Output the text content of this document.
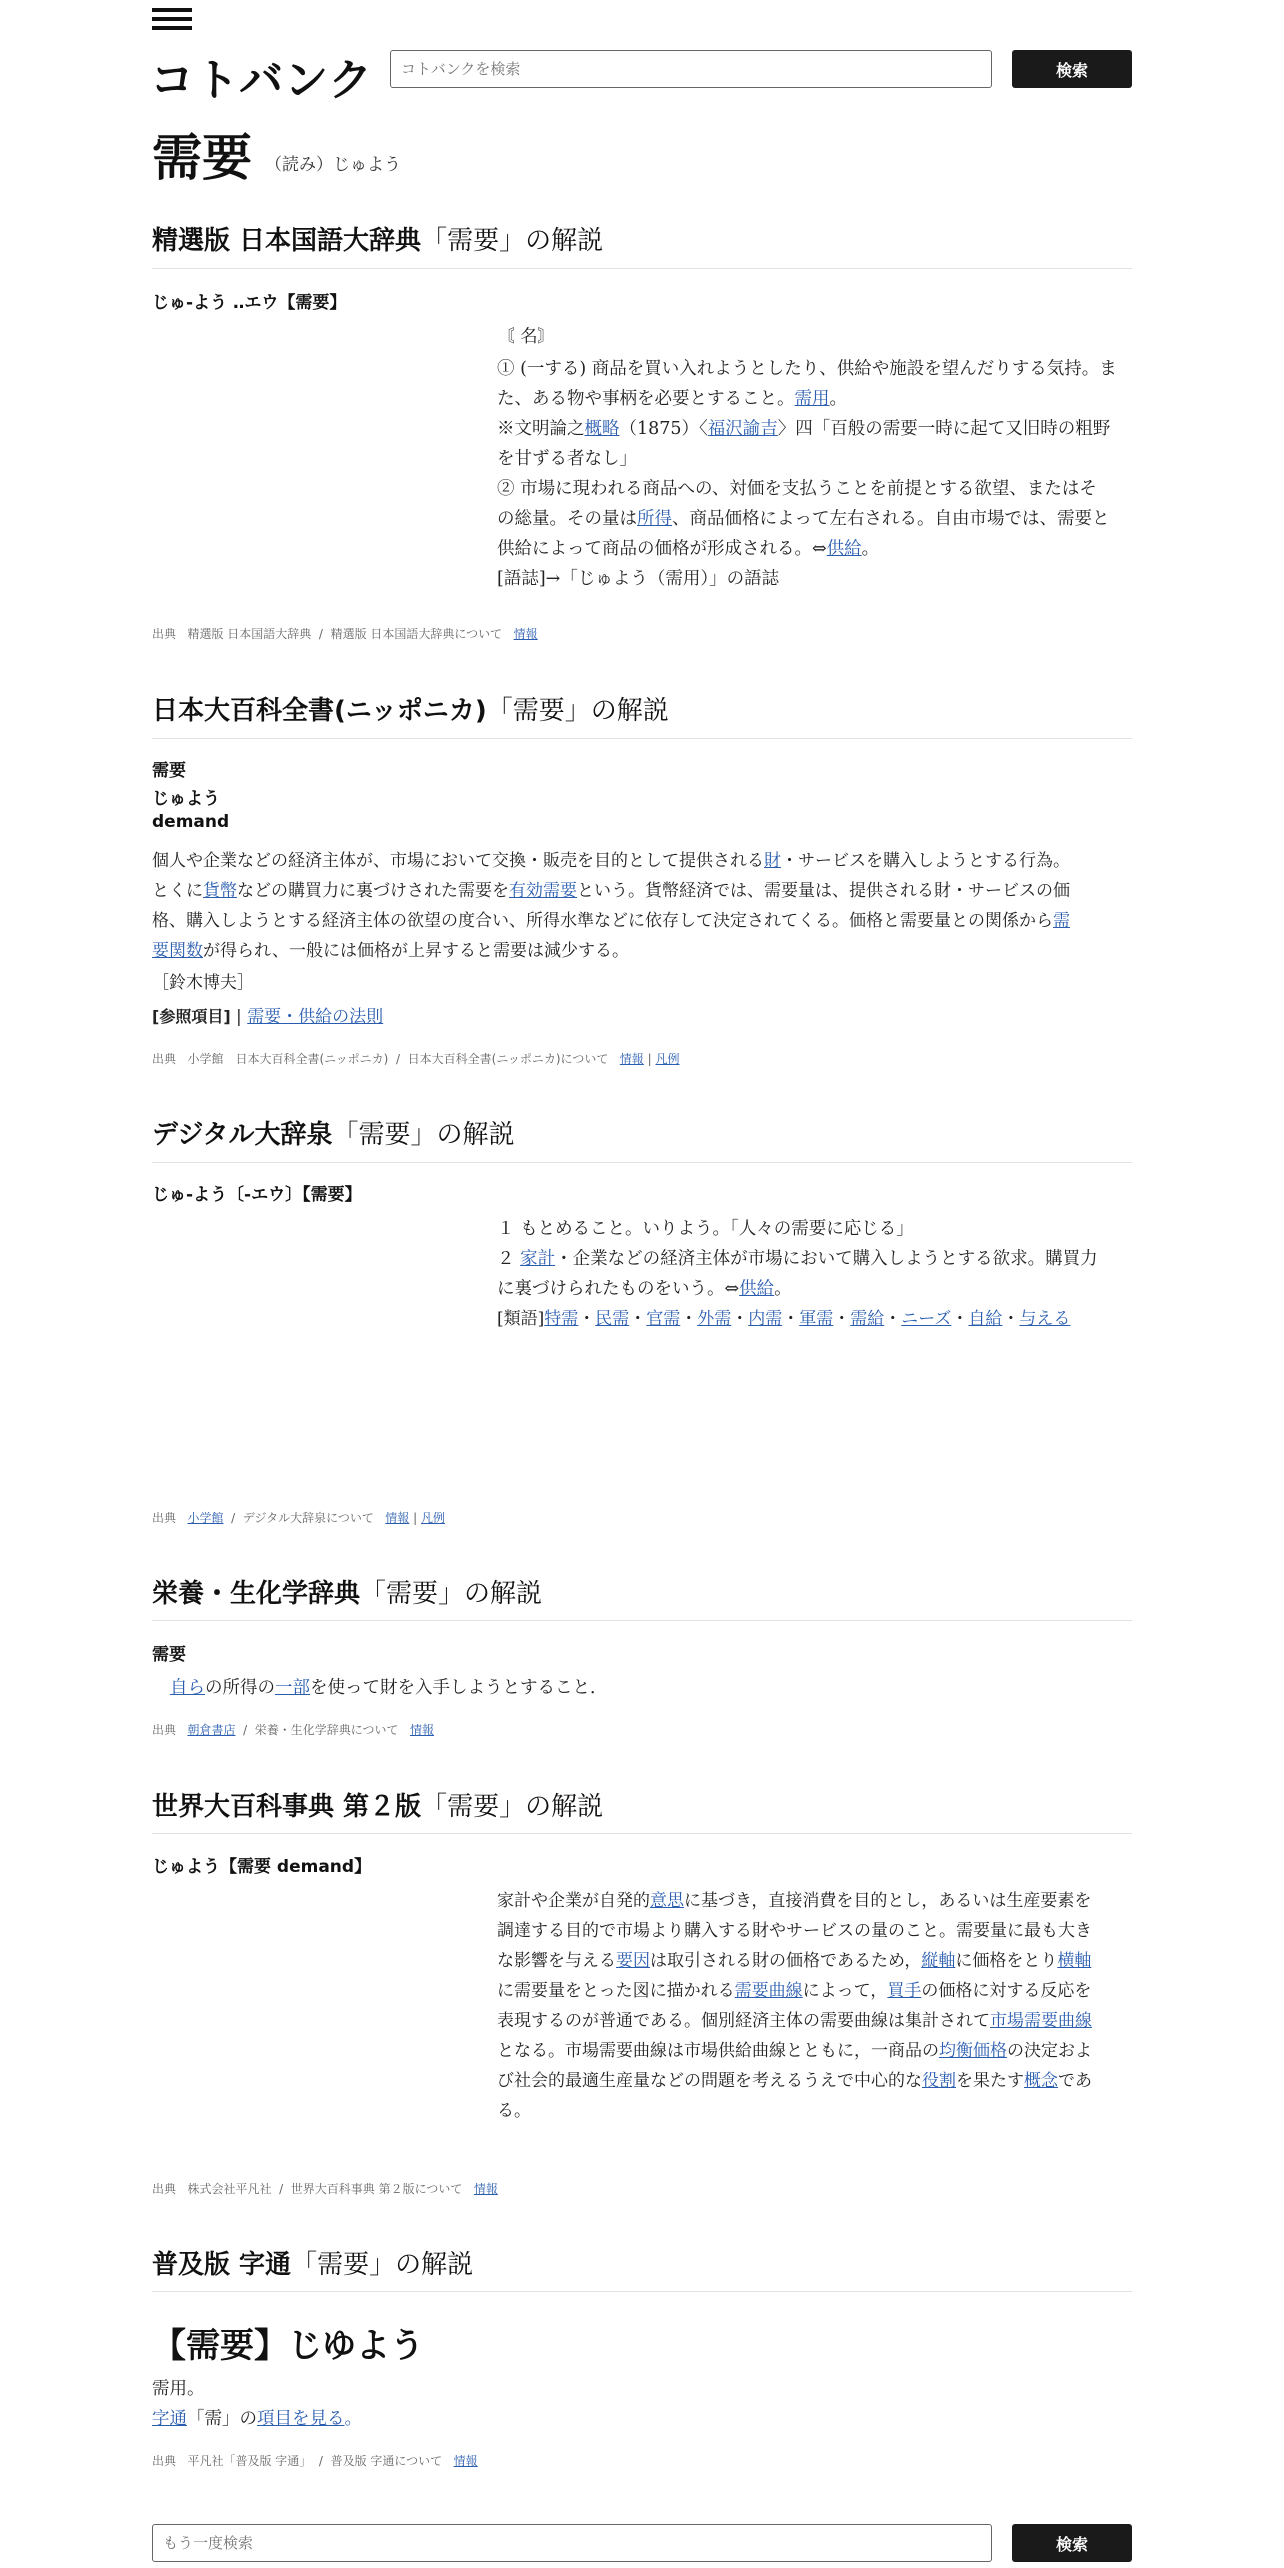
コトバンク
コトバンクを検索	検索
需要 （読み）じゅよう
精選版 日本国語大辞典「需要」の解説
じゅ‐よう ‥エウ【需要】
〘 名〙
① (一する) 商品を買い入れようとしたり、供給や施設を望んだりする気持。ま
た、ある物や事柄を必要とすること。需用。
※文明論之概略（1875）〈福沢諭吉〉四「百般の需要一時に起て又旧時の粗野
を甘ずる者なし」
② 市場に現われる商品への、対価を支払うことを前提とする欲望、またはそ
の総量。その量は所得、商品価格によって左右される。自由市場では、需要と
供給によって商品の価格が形成される。⇔供給。
[語誌]→「じゅよう（需用）」の語誌
出典 精選版 日本国語大辞典  /  精選版 日本国語大辞典について 情報
日本大百科全書(ニッポニカ)「需要」の解説
需要
じゅよう
demand
個人や企業などの経済主体が、市場において交換・販売を目的として提供される財・サービスを購入しようとする行為。
とくに貨幣などの購買力に裏づけされた需要を有効需要という。貨幣経済では、需要量は、提供される財・サービスの価
格、購入しようとする経済主体の欲望の度合い、所得水準などに依存して決定されてくる。価格と需要量との関係から需
要関数が得られ、一般には価格が上昇すると需要は減少する。
［鈴木博夫］
[参照項目] | 需要・供給の法則
出典 小学館　日本大百科全書(ニッポニカ)  /  日本大百科全書(ニッポニカ)について 情報 | 凡例
デジタル大辞泉「需要」の解説
じゅ‐よう〔‐エウ〕【需要】
１ もとめること。いりよう。「人々の需要に応じる」
２ 家計・企業などの経済主体が市場において購入しようとする欲求。購買力
に裏づけられたものをいう。⇔供給。
[類語]特需・民需・官需・外需・内需・軍需・需給・ニーズ・自給・与える
出典 小学館  /  デジタル大辞泉について 情報 | 凡例
栄養・生化学辞典「需要」の解説
需要
自らの所得の一部を使って財を入手しようとすること．
出典 朝倉書店  /  栄養・生化学辞典について 情報
世界大百科事典 第２版「需要」の解説
じゅよう【需要 demand】
家計や企業が自発的意思に基づき，直接消費を目的とし，あるいは生産要素を
調達する目的で市場より購入する財やサービスの量のこと。需要量に最も大き
な影響を与える要因は取引される財の価格であるため，縦軸に価格をとり横軸
に需要量をとった図に描かれる需要曲線によって，買手の価格に対する反応を
表現するのが普通である。個別経済主体の需要曲線は集計されて市場需要曲線
となる。市場需要曲線は市場供給曲線とともに，一商品の均衡価格の決定およ
び社会的最適生産量などの問題を考えるうえで中心的な役割を果たす概念であ
る。
出典 株式会社平凡社  /  世界大百科事典 第２版について 情報
普及版 字通「需要」の解説
【需要】じゆよう
需用。
字通「需」の項目を見る。
出典 平凡社「普及版 字通」  /  普及版 字通について 情報
もう一度検索
検索
